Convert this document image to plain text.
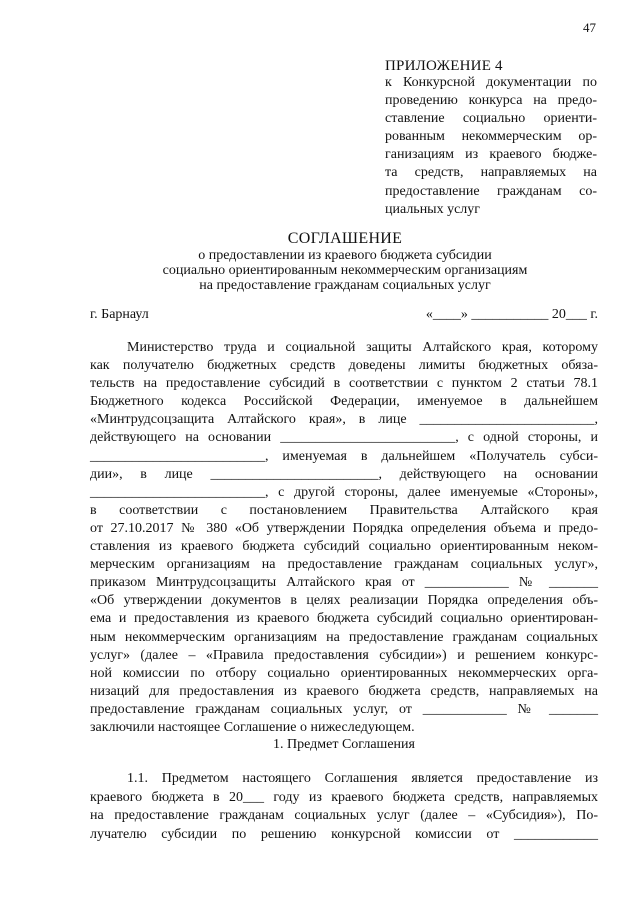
47
ПРИЛОЖЕНИЕ 4
к Конкурсной документации по
проведению конкурса на предо-
ставление социально ориенти-
рованным некоммерческим ор-
ганизациям из краевого бюдже-
та средств, направляемых на
предоставление гражданам со-
циальных услуг
СОГЛАШЕНИЕ
о предоставлении из краевого бюджета субсидии
социально ориентированным некоммерческим организациям
на предоставление гражданам социальных услуг
г. Барнаул	«____» ___________ 20___ г.
Министерство труда и социальной защиты Алтайского края, которому
как получателю бюджетных средств доведены лимиты бюджетных обяза-
тельств на предоставление субсидий в соответствии с пунктом 2 статьи 78.1
Бюджетного кодекса Российской Федерации, именуемое в дальнейшем
«Минтрудсоцзащита Алтайского края», в лице _________________________,
действующего на основании _________________________, с одной стороны, и
_________________________, именуемая в дальнейшем «Получатель субси-
дии», в лице ________________________, действующего на основании
_________________________, с другой стороны, далее именуемые «Стороны»,
в соответствии с постановлением Правительства Алтайского края
от 27.10.2017 № 380 «Об утверждении Порядка определения объема и предо-
ставления из краевого бюджета субсидий социально ориентированным неком-
мерческим организациям на предоставление гражданам социальных услуг»,
приказом Минтрудсоцзащиты Алтайского края от ____________ № _______
«Об утверждении документов в целях реализации Порядка определения объ-
ема и предоставления из краевого бюджета субсидий социально ориентирован-
ным некоммерческим организациям на предоставление гражданам социальных
услуг» (далее – «Правила предоставления субсидии») и решением конкурс-
ной комиссии по отбору социально ориентированных некоммерческих орга-
низаций для предоставления из краевого бюджета средств, направляемых на
предоставление гражданам социальных услуг, от ____________ № _______
заключили настоящее Соглашение о нижеследующем.
1. Предмет Соглашения
1.1. Предметом настоящего Соглашения является предоставление из
краевого бюджета в 20___ году из краевого бюджета средств, направляемых
на предоставление гражданам социальных услуг (далее – «Субсидия»), По-
лучателю субсидии по решению конкурсной комиссии от ____________
